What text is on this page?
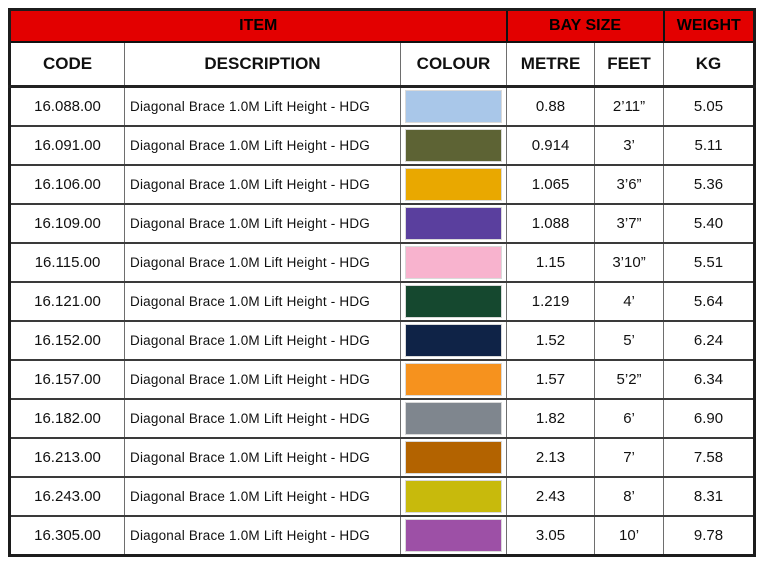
ITEM			BAY SIZE		WEIGHT
CODE	DESCRIPTION	COLOUR	METRE	FEET	KG
16.088.00	Diagonal Brace 1.0M Lift Height - HDG		0.88	2’11”	5.05
16.091.00	Diagonal Brace 1.0M Lift Height - HDG		0.914	3’	5.11
16.106.00	Diagonal Brace 1.0M Lift Height - HDG		1.065	3’6”	5.36
16.109.00	Diagonal Brace 1.0M Lift Height - HDG		1.088	3’7”	5.40
16.115.00	Diagonal Brace 1.0M Lift Height - HDG		1.15	3’10”	5.51
16.121.00	Diagonal Brace 1.0M Lift Height - HDG		1.219	4’	5.64
16.152.00	Diagonal Brace 1.0M Lift Height - HDG		1.52	5’	6.24
16.157.00	Diagonal Brace 1.0M Lift Height - HDG		1.57	5’2”	6.34
16.182.00	Diagonal Brace 1.0M Lift Height - HDG		1.82	6’	6.90
16.213.00	Diagonal Brace 1.0M Lift Height - HDG		2.13	7’	7.58
16.243.00	Diagonal Brace 1.0M Lift Height - HDG		2.43	8’	8.31
16.305.00	Diagonal Brace 1.0M Lift Height - HDG		3.05	10’	9.78
